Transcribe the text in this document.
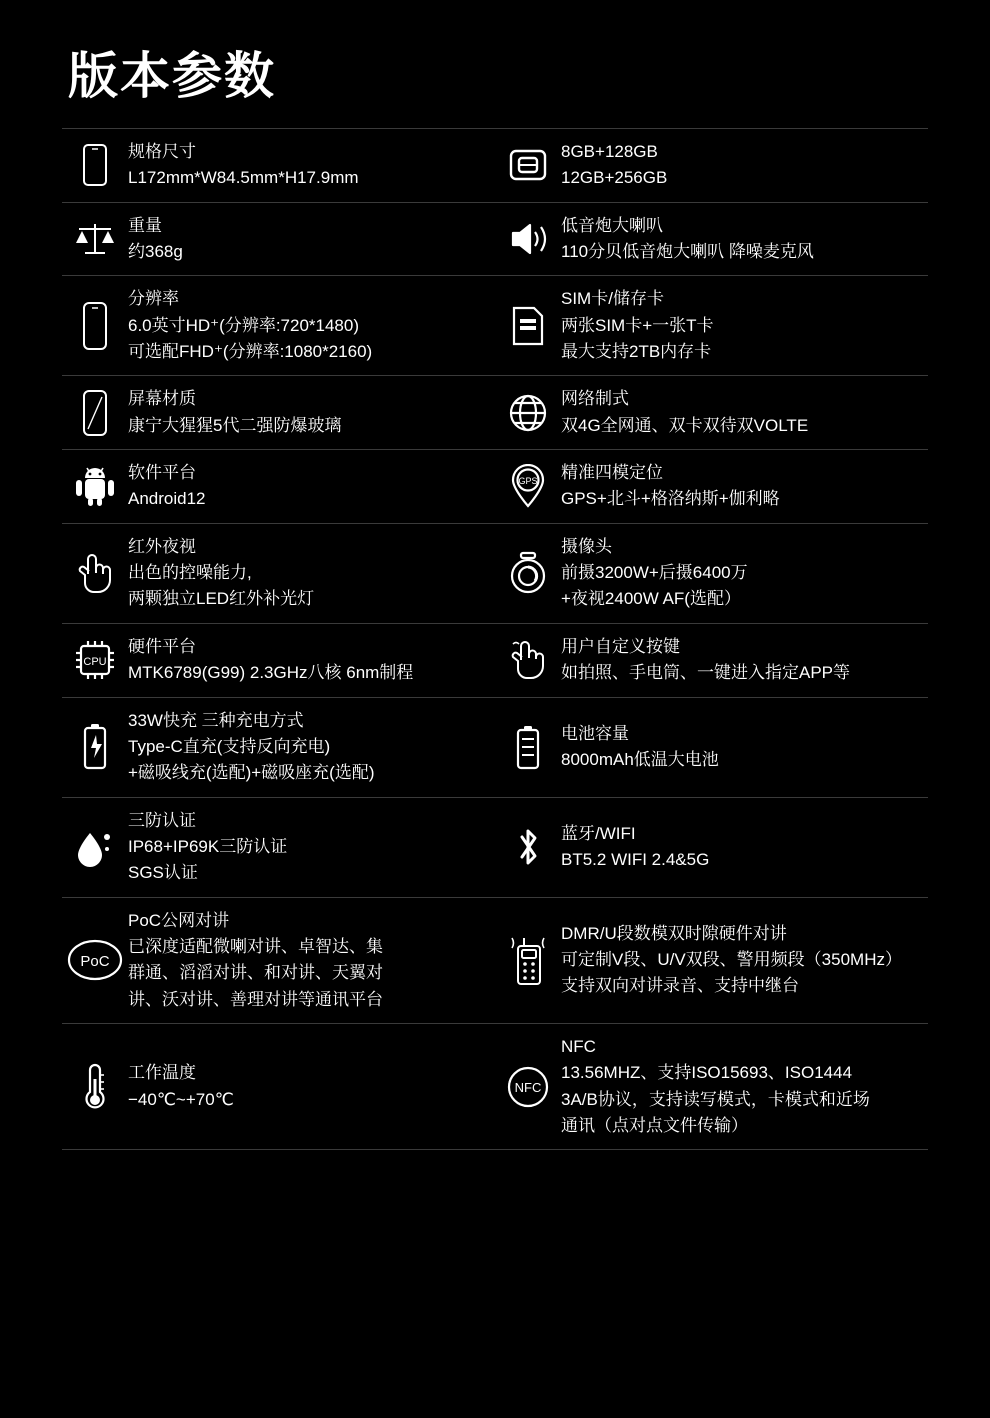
版本参数
规格尺寸
L172mm*W84.5mm*H17.9mm
8GB+128GB
12GB+256GB
重量
约368g
低音炮大喇叭
110分贝低音炮大喇叭 降噪麦克风
分辨率
6.0英寸HD⁺(分辨率:720*1480)
可选配FHD⁺(分辨率:1080*2160)
SIM卡/储存卡
两张SIM卡+一张T卡
最大支持2TB内存卡
屏幕材质
康宁大猩猩5代二强防爆玻璃
网络制式
双4G全网通、双卡双待双VOLTE
软件平台
Android12
GPS 精准四模定位
GPS+北斗+格洛纳斯+伽利略
红外夜视
出色的控噪能力,
两颗独立LED红外补光灯
摄像头
前摄3200W+后摄6400万
+夜视2400W AF(选配）
CPU
硬件平台
MTK6789(G99) 2.3GHz八核 6nm制程
用户自定义按键
如拍照、手电筒、一键进入指定APP等
33W快充 三种充电方式
Type-C直充(支持反向充电)
+磁吸线充(选配)+磁吸座充(选配)
电池容量
8000mAh低温大电池
三防认证
IP68+IP69K三防认证
SGS认证
蓝牙/WIFI
BT5.2 WIFI 2.4&5G
PoC
PoC公网对讲
已深度适配微喇对讲、卓智达、集
群通、滔滔对讲、和对讲、天翼对
讲、沃对讲、善理对讲等通讯平台
DMR/U段数模双时隙硬件对讲
可定制V段、U/V双段、警用频段（350MHz）
支持双向对讲录音、支持中继台
工作温度
−40℃~+70℃
NFC
NFC
13.56MHZ、支持ISO15693、ISO1444
3A/B协议，支持读写模式，卡模式和近场
通讯（点对点文件传输）
